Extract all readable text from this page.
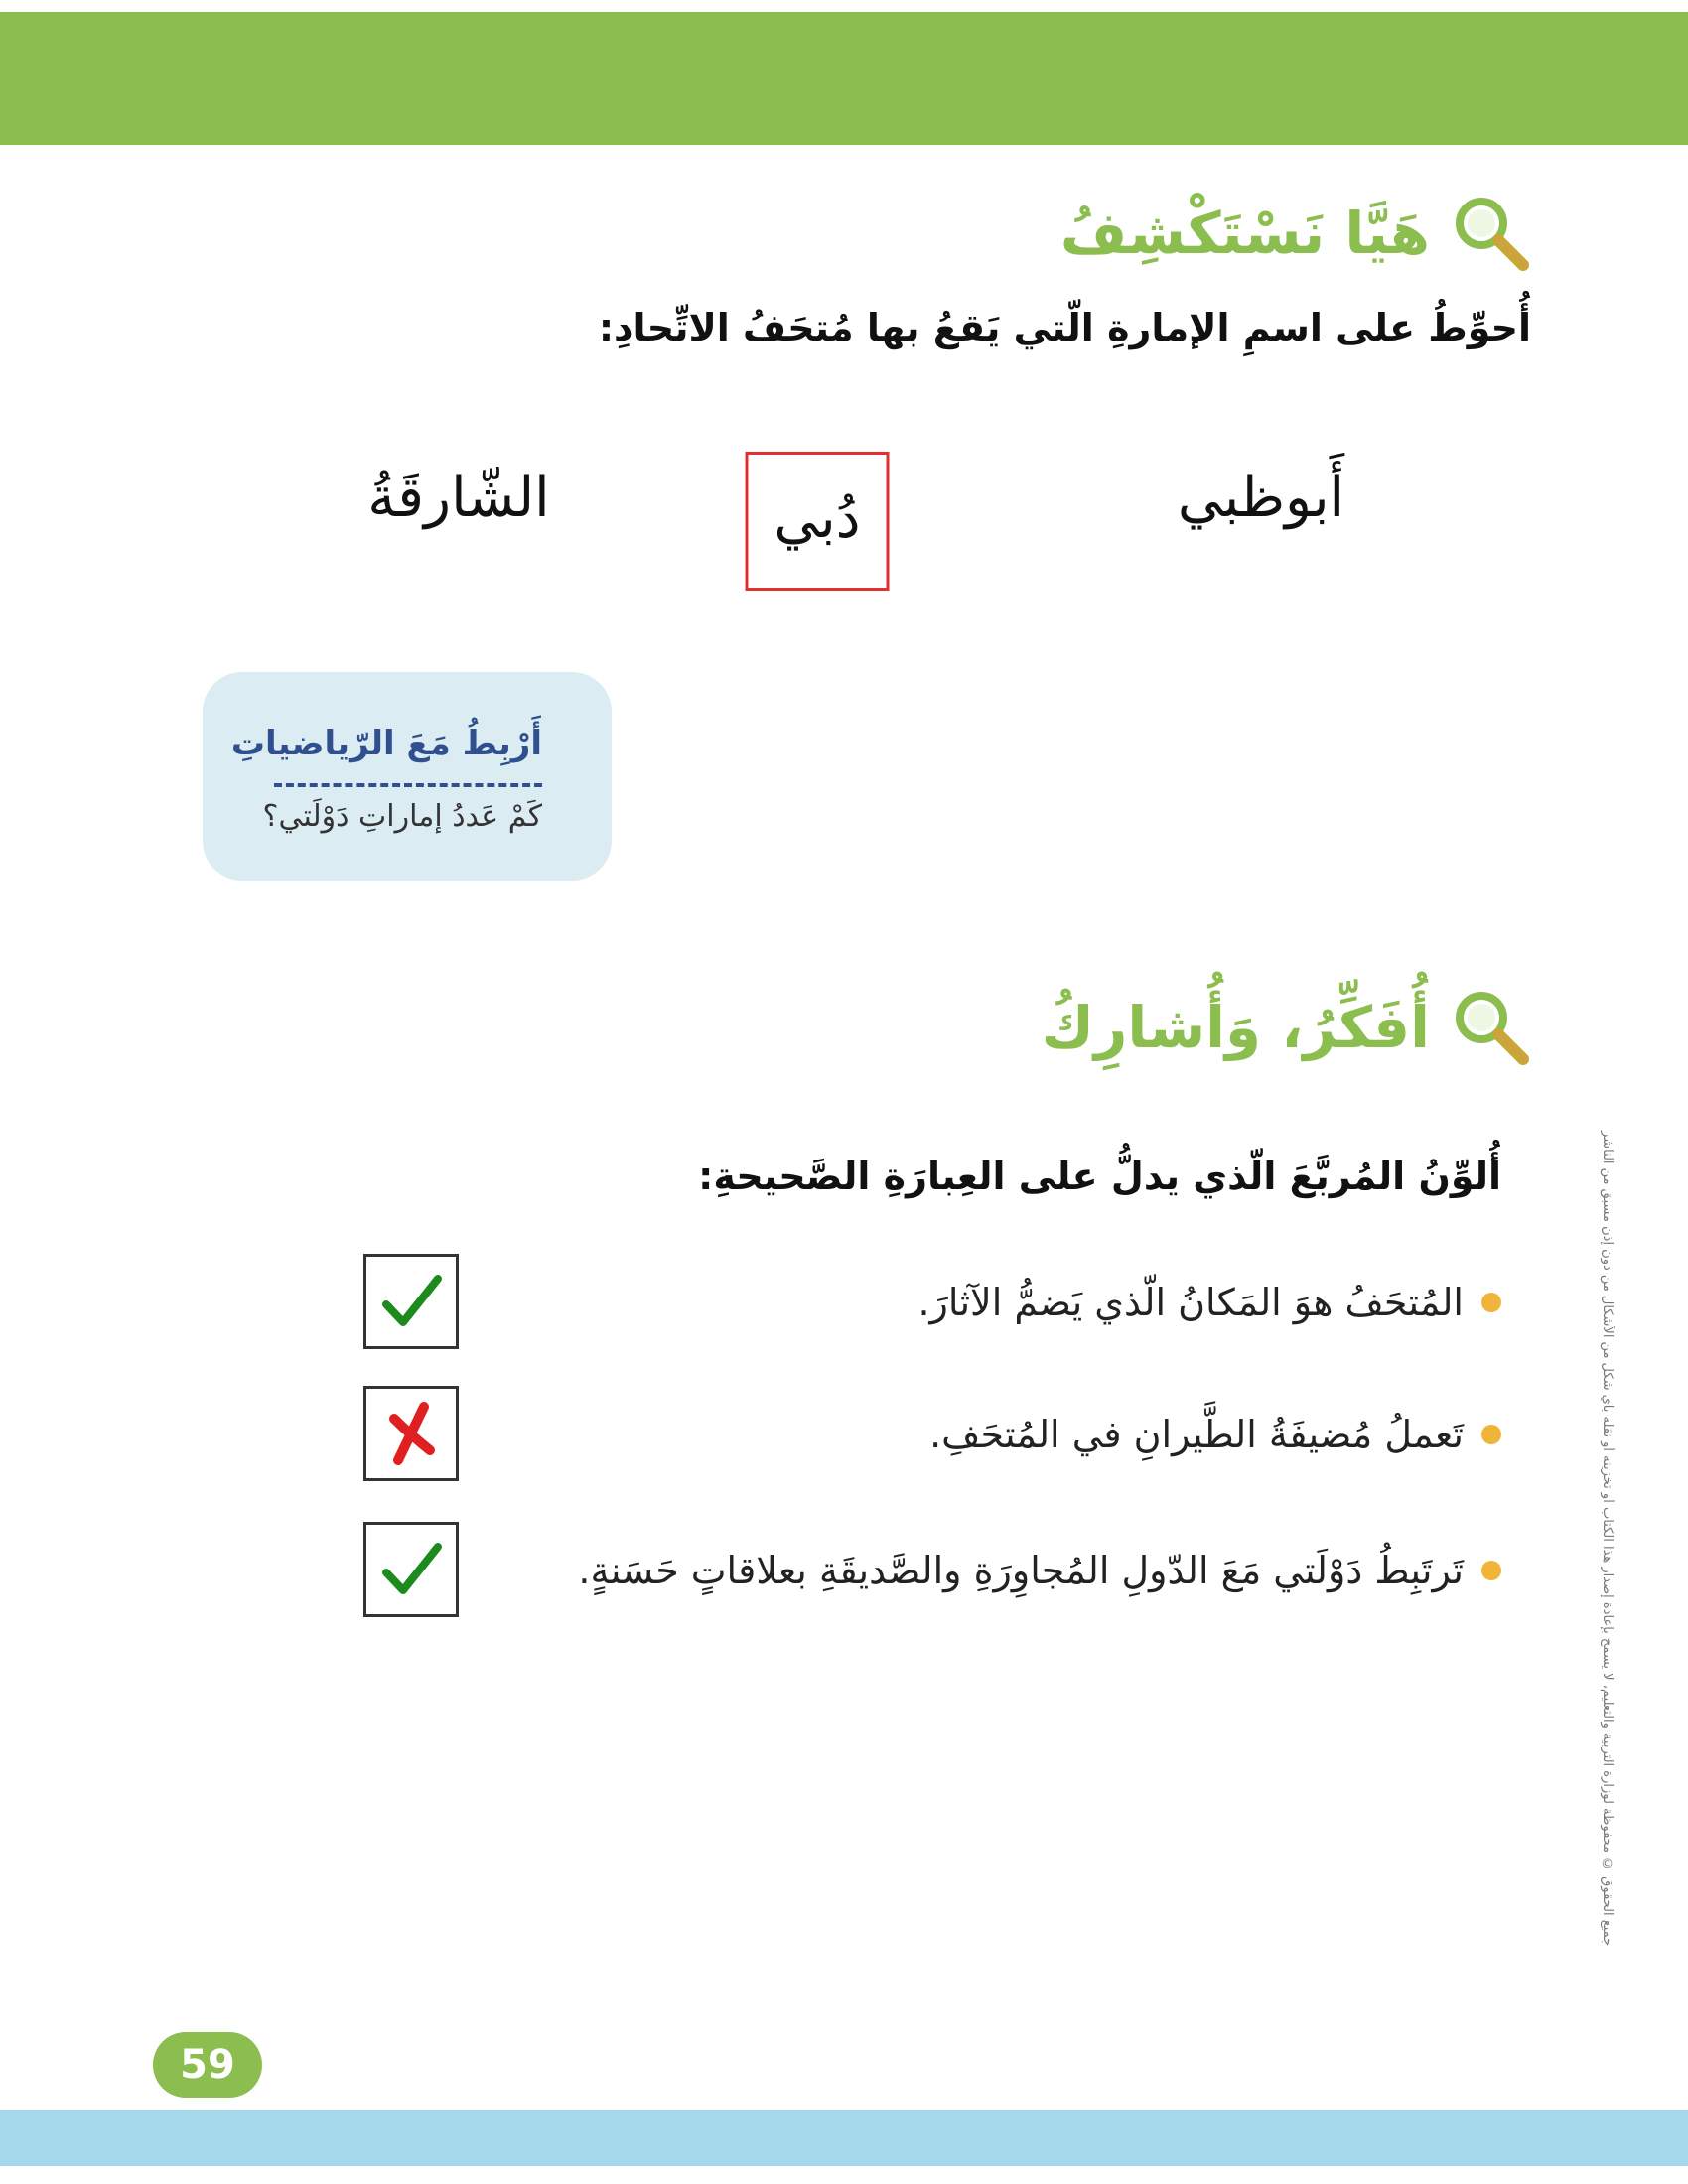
هَيَّا نَسْتَكْشِفُ
أُحوِّطُ على اسمِ الإمارةِ الّتي يَقعُ بها مُتحَفُ الاتِّحادِ:
أَبوظبي
دُبي
الشّارقَةُ
أَرْبِطُ مَعَ الرّياضياتِ
كَمْ عَددُ إماراتِ دَوْلَتي؟
أُفَكِّرُ، وَأُشارِكُ
أُلوِّنُ المُربَّعَ الّذي يدلُّ على العِبارَةِ الصَّحيحةِ:
المُتحَفُ هوَ المَكانُ الّذي يَضمُّ الآثارَ.
تَعملُ مُضيفَةُ الطَّيرانِ في المُتحَفِ.
تَرتَبِطُ دَوْلَتي مَعَ الدّولِ المُجاوِرَةِ والصَّديقَةِ بعلاقاتٍ حَسَنةٍ.	جميع الحقوق © محفوظة لوزارة التربية والتعليم، لا يسمح بإعادة إصدار هذا الكتاب أو تخزينه أو نقله بأي شكل من الأشكال من دون إذن مسبق من الناشر
59
